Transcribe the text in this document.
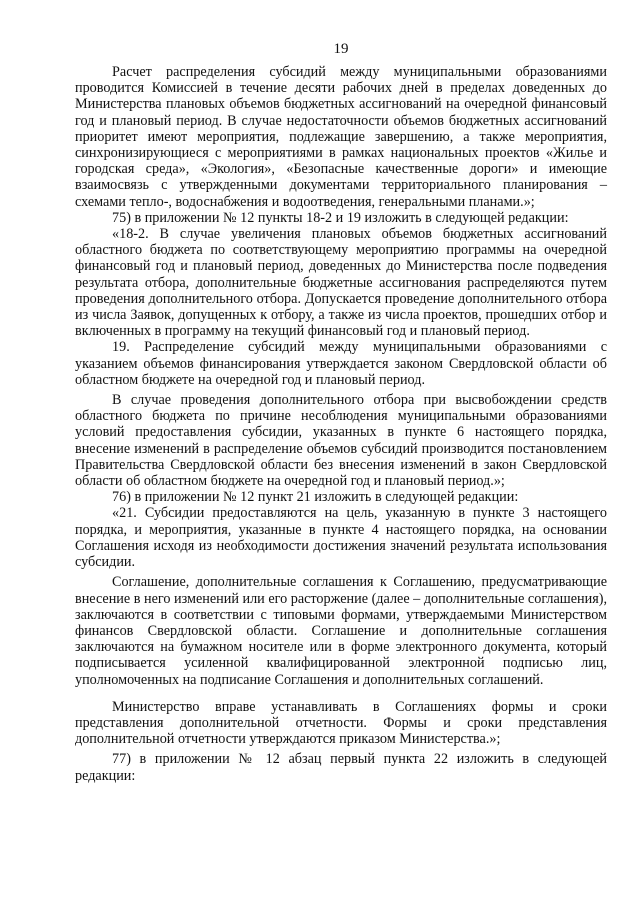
19

Расчет распределения субсидий между муниципальными образованиями проводится Комиссией в течение десяти рабочих дней в пределах доведенных до Министерства плановых объемов бюджетных ассигнований на очередной финансовый год и плановый период. В случае недостаточности объемов бюджетных ассигнований приоритет имеют мероприятия, подлежащие завершению, а также мероприятия, синхронизирующиеся с мероприятиями в рамках национальных проектов «Жилье и городская среда», «Экология», «Безопасные качественные дороги» и имеющие взаимосвязь с утвержденными документами территориального планирования – схемами тепло-, водоснабжения и водоотведения, генеральными планами.»;

75) в приложении № 12 пункты 18-2 и 19 изложить в следующей редакции:

«18-2. В случае увеличения плановых объемов бюджетных ассигнований областного бюджета по соответствующему мероприятию программы на очередной финансовый год и плановый период, доведенных до Министерства после подведения результата отбора, дополнительные бюджетные ассигнования распределяются путем проведения дополнительного отбора. Допускается проведение дополнительного отбора из числа Заявок, допущенных к отбору, а также из числа проектов, прошедших отбор и включенных в программу на текущий финансовый год и плановый период.

19. Распределение субсидий между муниципальными образованиями с указанием объемов финансирования утверждается законом Свердловской области об областном бюджете на очередной год и плановый период.

В случае проведения дополнительного отбора при высвобождении средств областного бюджета по причине несоблюдения муниципальными образованиями условий предоставления субсидии, указанных в пункте 6 настоящего порядка, внесение изменений в распределение объемов субсидий производится постановлением Правительства Свердловской области без внесения изменений в закон Свердловской области об областном бюджете на очередной год и плановый период.»;

76) в приложении № 12 пункт 21 изложить в следующей редакции:

«21. Субсидии предоставляются на цель, указанную в пункте 3 настоящего порядка, и мероприятия, указанные в пункте 4 настоящего порядка, на основании Соглашения исходя из необходимости достижения значений результата использования субсидии.

Соглашение, дополнительные соглашения к Соглашению, предусматривающие внесение в него изменений или его расторжение (далее – дополнительные соглашения), заключаются в соответствии с типовыми формами, утверждаемыми Министерством финансов Свердловской области. Соглашение и дополнительные соглашения заключаются на бумажном носителе или в форме электронного документа, который подписывается усиленной квалифицированной электронной подписью лиц, уполномоченных на подписание Соглашения и дополнительных соглашений.

Министерство вправе устанавливать в Соглашениях формы и сроки представления дополнительной отчетности. Формы и сроки представления дополнительной отчетности утверждаются приказом Министерства.»;

77) в приложении № 12 абзац первый пункта 22 изложить в следующей редакции:
